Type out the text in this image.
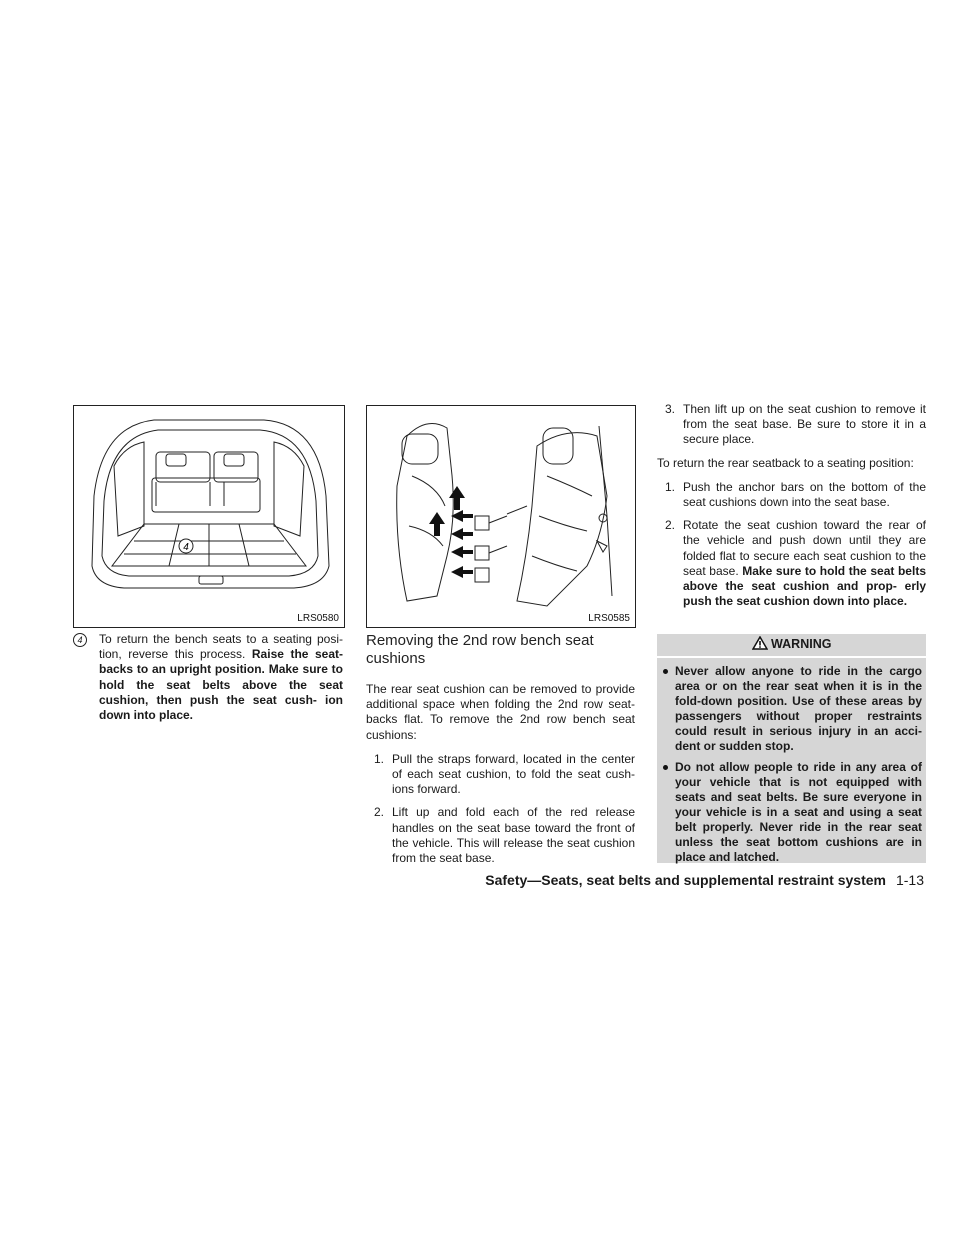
4
LRS0580	LRS0585

4	To return the bench seats to a seating posi- tion, reverse this process. Raise the seat- backs to an upright position. Make sure to hold the seat belts above the seat cushion, then push the seat cush- ion down into place.

Removing the 2nd row bench seat cushions

The rear seat cushion can be removed to provide additional space when folding the 2nd row seat- backs flat. To remove the 2nd row bench seat cushions:

1. Pull the straps forward, located in the center of each seat cushion, to fold the seat cush- ions forward.
2. Lift up and fold each of the red release handles on the seat base toward the front of the vehicle. This will release the seat cushion from the seat base.
3. Then lift up on the seat cushion to remove it from the seat base. Be sure to store it in a secure place.

To return the rear seatback to a seating position:

1. Push the anchor bars on the bottom of the seat cushions down into the seat base.
2. Rotate the seat cushion toward the rear of the vehicle and push down until they are folded flat to secure each seat cushion to the seat base. Make sure to hold the seat belts above the seat cushion and prop- erly push the seat cushion down into place.
WARNING
Never allow anyone to ride in the cargo area or on the rear seat when it is in the fold-down position. Use of these areas by passengers without proper restraints could result in serious injury in an acci- dent or sudden stop.
Do not allow people to ride in any area of your vehicle that is not equipped with seats and seat belts. Be sure everyone in your vehicle is in a seat and using a seat belt properly. Never ride in the rear seat unless the seat bottom cushions are in place and latched.
Safety—Seats, seat belts and supplemental restraint system 1-13
